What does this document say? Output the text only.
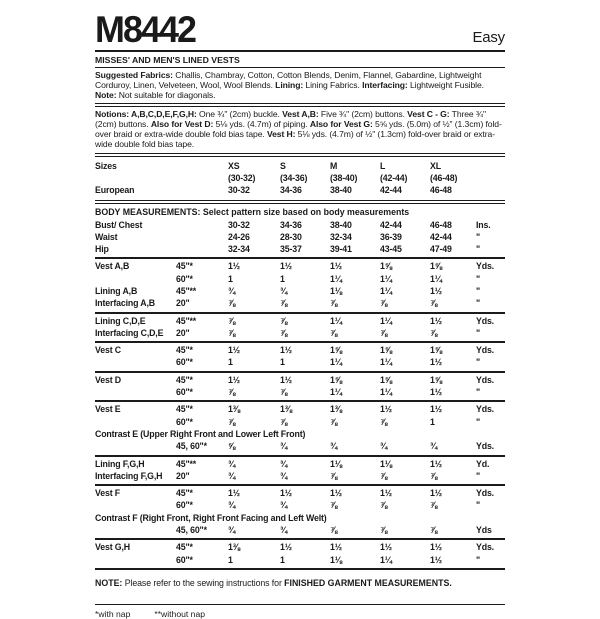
M8442	Easy
MISSES' AND MEN'S LINED VESTS
Suggested Fabrics: Challis, Chambray, Cotton, Cotton Blends, Denim, Flannel, Gabardine, Lightweight Corduroy, Linen, Velveteen, Wool, Wool Blends. Lining: Lining Fabrics. Interfacing: Lightweight Fusible. Note: Not suitable for diagonals.
Notions: A,B,C,D,E,F,G,H: One ¾" (2cm) buckle. Vest A,B: Five ¾" (2cm) buttons. Vest C - G: Three ¾" (2cm) buttons. Also for Vest D: 5⅛ yds. (4.7m) of piping. Also for Vest G: 5⅝ yds. (5.0m) of ½" (1.3cm) fold-over braid or extra-wide double fold bias tape. Vest H: 5⅛ yds. (4.7m) of ½" (1.3cm) fold-over braid or extra-wide double fold bias tape.
Sizes	XS	S	M	L	XL
(30-32)	(34-36)	(38-40)	(42-44)	(46-48)
European	30-32	34-36	38-40	42-44	46-48
BODY MEASUREMENTS: Select pattern size based on body measurements
Bust/ Chest	30-32	34-36	38-40	42-44	46-48	Ins.
Waist	24-26	28-30	32-34	36-39	42-44	"
Hip	32-34	35-37	39-41	43-45	47-49	"
Vest A,B	45"*	1½	1½	1½	1⅝	1⅝	Yds.
60"*	1	1	1¼	1¼	1¼	"
Lining A,B	45"**	¾	¾	1⅛	1¼	1½	"
Interfacing A,B	20"	⅞	⅞	⅞	⅞	⅞	"
Lining C,D,E	45"**	⅞	⅞	1¼	1¼	1½	Yds.
Interfacing C,D,E	20"	⅞	⅞	⅞	⅞	⅞	"
Vest C	45"*	1½	1½	1⅝	1⅝	1⅝	Yds.
60"*	1	1	1¼	1¼	1½	"
Vest D	45"*	1½	1½	1⅝	1⅝	1⅝	Yds.
60"*	⅞	⅞	1¼	1¼	1½	"
Vest E	45"*	1⅜	1⅜	1⅜	1½	1½	Yds.
60"*	⅞	⅞	⅞	⅞	1	"
Contrast E (Upper Right Front and Lower Left Front)
45, 60"*	⅝	¾	¾	¾	¾	Yds.
Lining F,G,H	45"**	¾	¾	1⅛	1⅛	1½	Yd.
Interfacing F,G,H	20"	¾	¾	⅞	⅞	⅞	"
Vest F	45"*	1½	1½	1½	1½	1½	Yds.
60"*	¾	¾	⅞	⅞	⅞	"
Contrast F (Right Front, Right Front Facing and Left Welt)
45, 60"*	¾	¾	⅞	⅞	⅞	Yds
Vest G,H	45"*	1⅜	1½	1½	1½	1½	Yds.
60"*	1	1	1⅛	1¼	1½	"
NOTE: Please refer to the sewing instructions for FINISHED GARMENT MEASUREMENTS.
*with nap	**without nap
